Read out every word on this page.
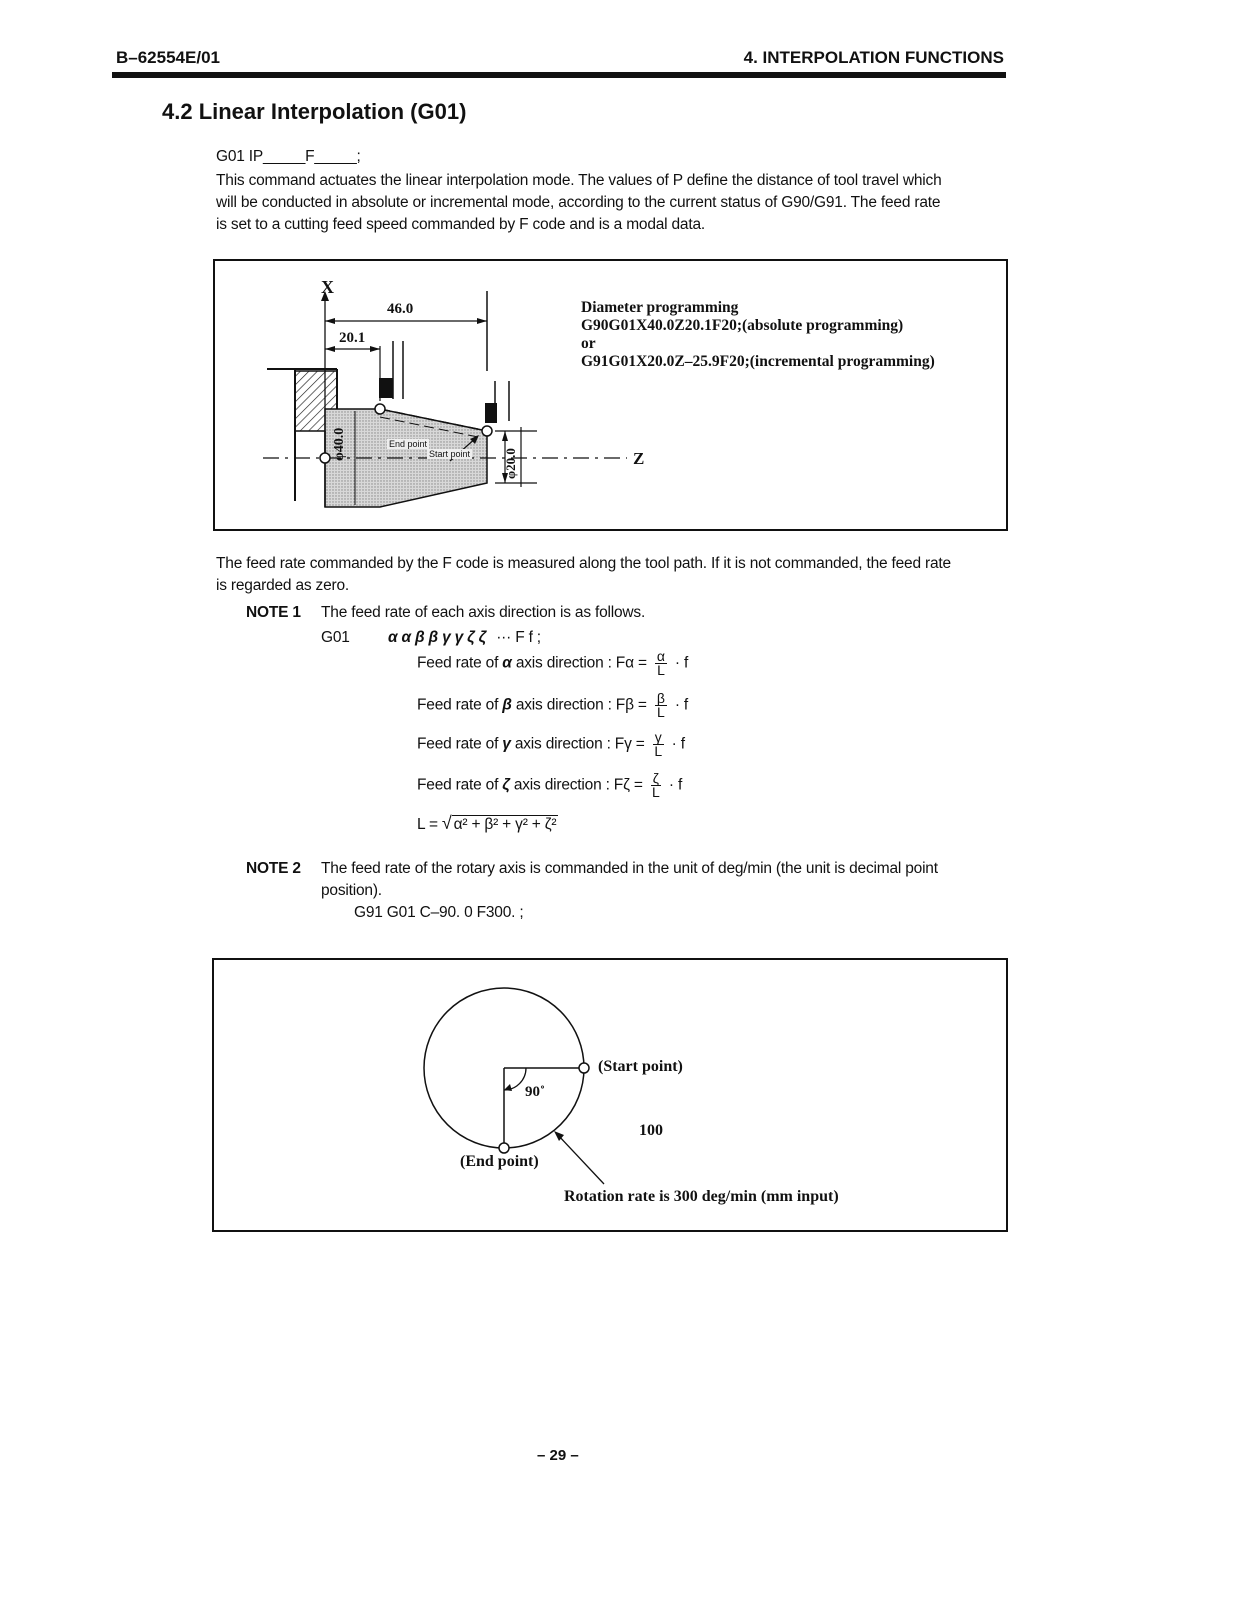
B–62554E/01	4. INTERPOLATION FUNCTIONS
4.2 Linear Interpolation (G01)
G01 IP_____F_____;
This command actuates the linear interpolation mode. The values of P define the distance of tool travel which
will be conducted in absolute or incremental mode, according to the current status of G90/G91. The feed rate
is set to a cutting feed speed commanded by F code and is a modal data.
X
46.0
20.1
φ40.0
φ20.0
End point
Start point	Z
Diameter programming
G90G01X40.0Z20.1F20;(absolute programming)
or
G91G01X20.0Z–25.9F20;(incremental programming)
The feed rate commanded by the F code is measured along the tool path. If it is not commanded, the feed rate
is regarded as zero.
NOTE 1 The feed rate of each axis direction is as follows.
G01 α α β β γ γ ζ ζ ··· F f ;
Feed rate of α axis direction : $F\alpha = \frac{\alpha}{L} \cdot f$
Feed rate of β axis direction : $F\beta = \frac{\beta}{L} \cdot f$
Feed rate of γ axis direction : $F\gamma = \frac{\gamma}{L} \cdot f$
Feed rate of ζ axis direction : $F\zeta = \frac{\zeta}{L} \cdot f$
L = √ α² + β² + γ² + ζ²
NOTE 2 The feed rate of the rotary axis is commanded in the unit of deg/min (the unit is decimal point
position).
G91 G01 C–90. 0 F300. ;
(Start point)
90˚
100
(End point)
Rotation rate is 300 deg/min (mm input)
– 29 –
